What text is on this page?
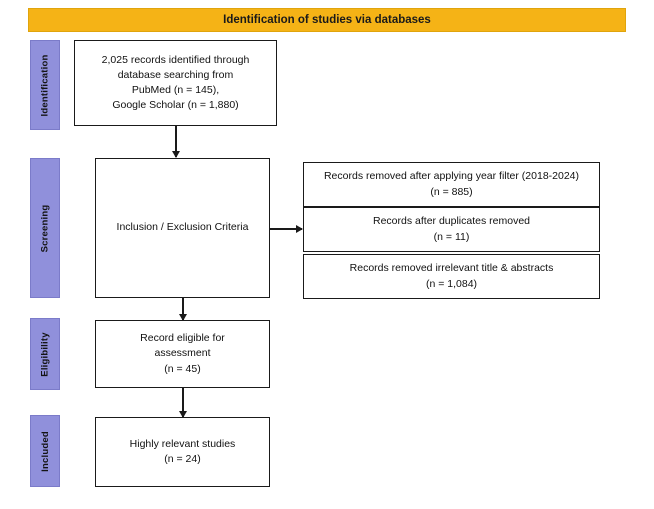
Identification of studies via databases
Identification
Screening
Eligibility
Included
2,025 records identified through
database searching from
PubMed (n = 145),
Google Scholar (n = 1,880)
Inclusion / Exclusion Criteria
Records removed after applying year filter (2018-2024)
(n = 885)
Records after duplicates removed
(n = 11)
Records removed irrelevant title & abstracts
(n = 1,084)
Record eligible for
assessment
(n = 45)
Highly relevant studies
(n = 24)
